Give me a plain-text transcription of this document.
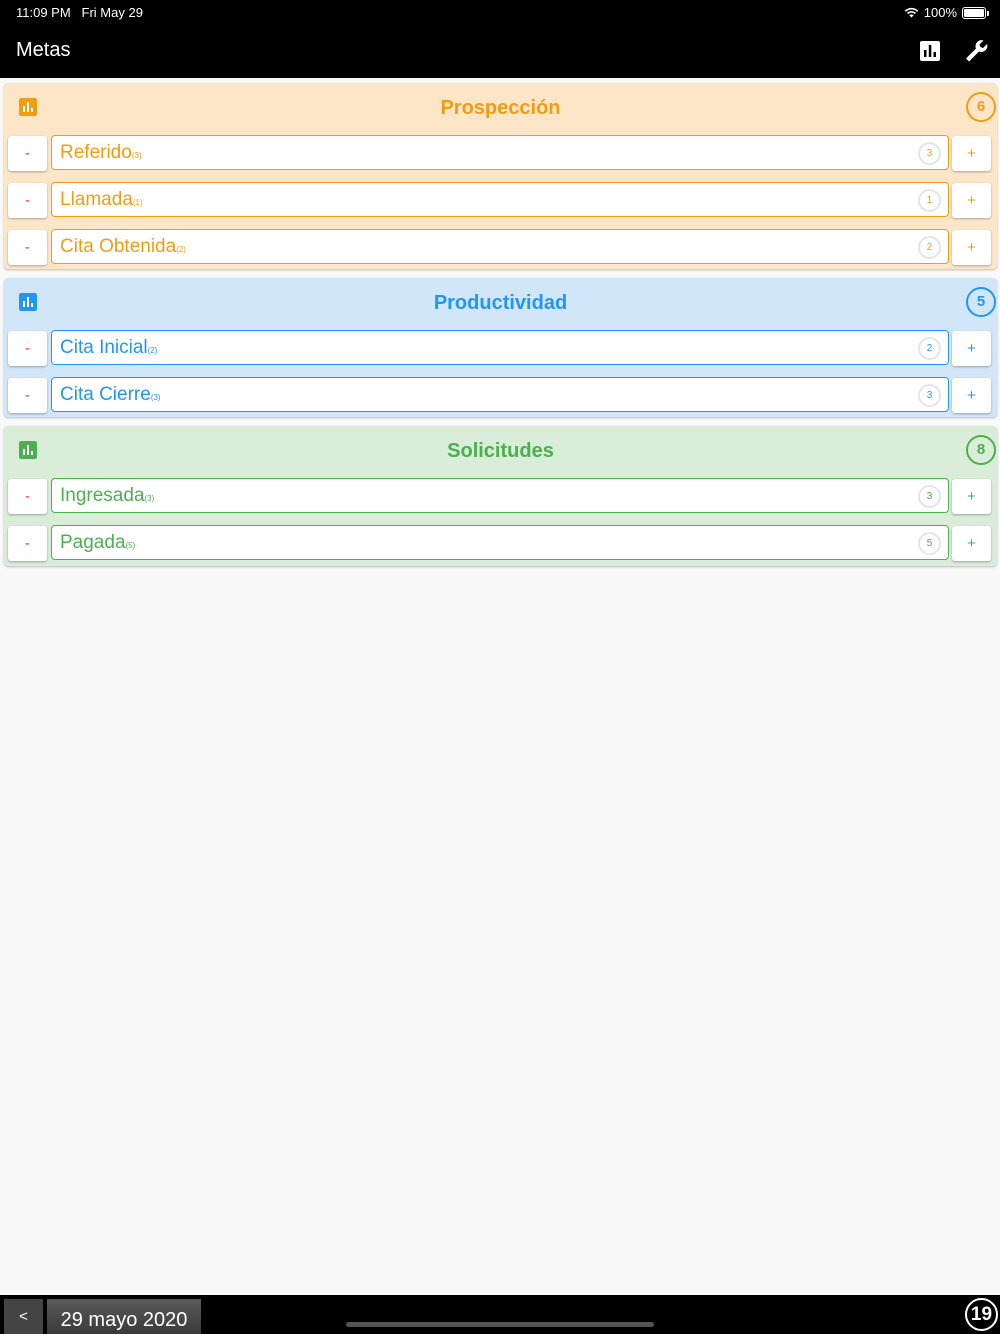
11:09 PM Fri May 29	100%
Metas
Prospección	6
-	Referido(3)	3	+
-	Llamada(1)	1	+
-	Cita Obtenida(2)	2	+
Productividad	5
-	Cita Inicial(2)	2	+
-	Cita Cierre(3)	3	+
Solicitudes	8
-	Ingresada(3)	3	+
-	Pagada(5)	5	+
<	29 mayo 2020	19
